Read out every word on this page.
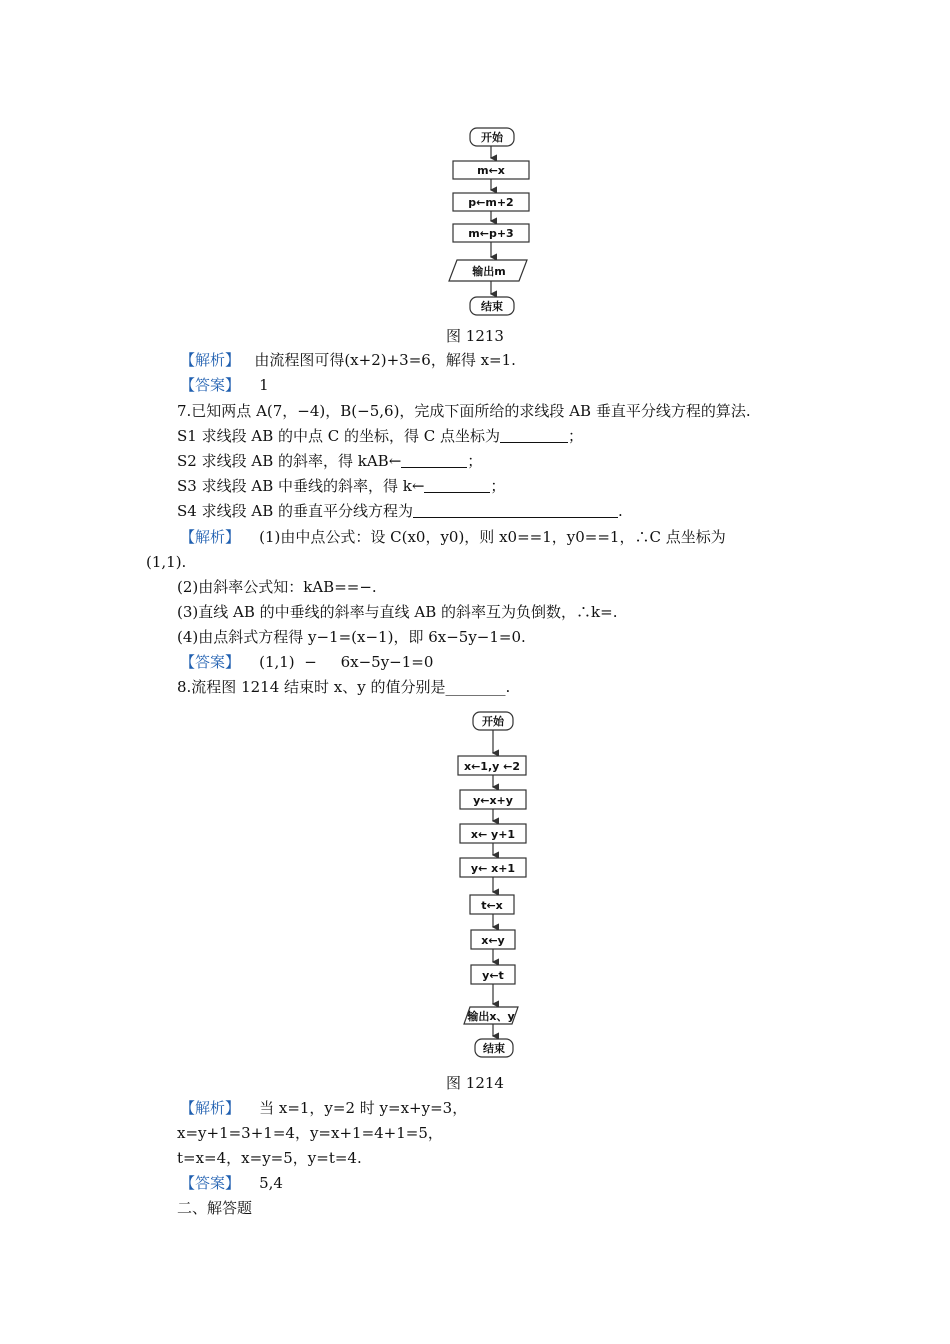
开始
m←x
p←m+2
m←p+3
输出m
结束
图 1213
【解析】 由流程图可得(x+2)+3=6，解得 x=1.
【答案】 1
7.已知两点 A(7，−4)，B(−5,6)，完成下面所给的求线段 AB 垂直平分线方程的算法.
S1 求线段 AB 的中点 C 的坐标，得 C 点坐标为	；
S2 求线段 AB 的斜率，得 kAB←	；
S3 求线段 AB 中垂线的斜率，得 k←	；
S4 求线段 AB 的垂直平分线方程为	.
【解析】 (1)由中点公式：设 C(x0，y0)，则 x0==1，y0==1，∴C 点坐标为
(1,1).
(2)由斜率公式知：kAB==−.
(3)直线 AB 的中垂线的斜率与直线 AB 的斜率互为负倒数，∴k=.
(4)由点斜式方程得 y−1=(x−1)，即 6x−5y−1=0.
【答案】 (1,1)  −     6x−5y−1=0
8.流程图 1214 结束时 x、y 的值分别是________.
开始
x←1,y ←2
y←x+y
x← y+1
y← x+1
t←x
x←y
y←t
输出x、y
结束
图 1214
【解析】 当 x=1，y=2 时 y=x+y=3，
x=y+1=3+1=4，y=x+1=4+1=5，
t=x=4，x=y=5，y=t=4.
【答案】 5,4
二、解答题
